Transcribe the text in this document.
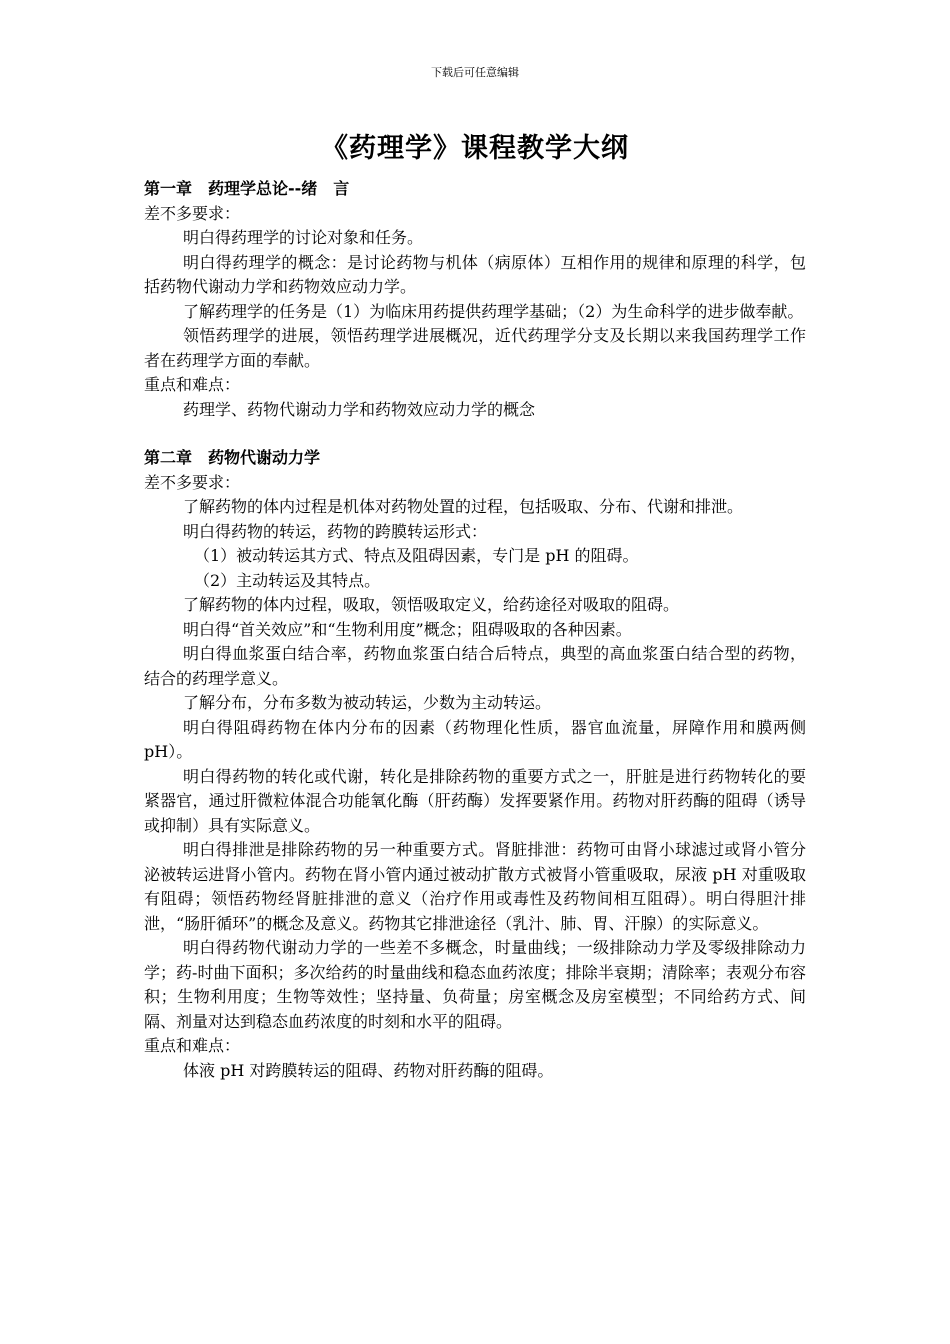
下载后可任意编辑
《药理学》课程教学大纲
第一章　药理学总论--绪　言
差不多要求：

明白得药理学的讨论对象和任务。

明白得药理学的概念：是讨论药物与机体（病原体）互相作用的规律和原理的科学，包括药物代谢动力学和药物效应动力学。

了解药理学的任务是（1）为临床用药提供药理学基础；（2）为生命科学的进步做奉献。

领悟药理学的进展，领悟药理学进展概况，近代药理学分支及长期以来我国药理学工作者在药理学方面的奉献。

重点和难点：

药理学、药物代谢动力学和药物效应动力学的概念

第二章　药物代谢动力学
差不多要求：

了解药物的体内过程是机体对药物处置的过程，包括吸取、分布、代谢和排泄。

明白得药物的转运，药物的跨膜转运形式：

（1）被动转运其方式、特点及阻碍因素，专门是 pH 的阻碍。

（2）主动转运及其特点。

了解药物的体内过程，吸取，领悟吸取定义，给药途径对吸取的阻碍。

明白得“首关效应”和“生物利用度”概念；阻碍吸取的各种因素。

明白得血浆蛋白结合率，药物血浆蛋白结合后特点，典型的高血浆蛋白结合型的药物，结合的药理学意义。

了解分布，分布多数为被动转运，少数为主动转运。

明白得阻碍药物在体内分布的因素（药物理化性质，器官血流量，屏障作用和膜两侧 pH）。

明白得药物的转化或代谢，转化是排除药物的重要方式之一，肝脏是进行药物转化的要紧器官，通过肝微粒体混合功能氧化酶（肝药酶）发挥要紧作用。药物对肝药酶的阻碍（诱导或抑制）具有实际意义。

明白得排泄是排除药物的另一种重要方式。肾脏排泄：药物可由肾小球滤过或肾小管分泌被转运进肾小管内。药物在肾小管内通过被动扩散方式被肾小管重吸取，尿液 pH 对重吸取有阻碍；领悟药物经肾脏排泄的意义（治疗作用或毒性及药物间相互阻碍）。明白得胆汁排泄，“肠肝循环”的概念及意义。药物其它排泄途径（乳汁、肺、胃、汗腺）的实际意义。

明白得药物代谢动力学的一些差不多概念，时量曲线；一级排除动力学及零级排除动力学；药-时曲下面积；多次给药的时量曲线和稳态血药浓度；排除半衰期；清除率；表观分布容积；生物利用度；生物等效性；坚持量、负荷量；房室概念及房室模型；不同给药方式、间隔、剂量对达到稳态血药浓度的时刻和水平的阻碍。

重点和难点：

体液 pH 对跨膜转运的阻碍、药物对肝药酶的阻碍。
